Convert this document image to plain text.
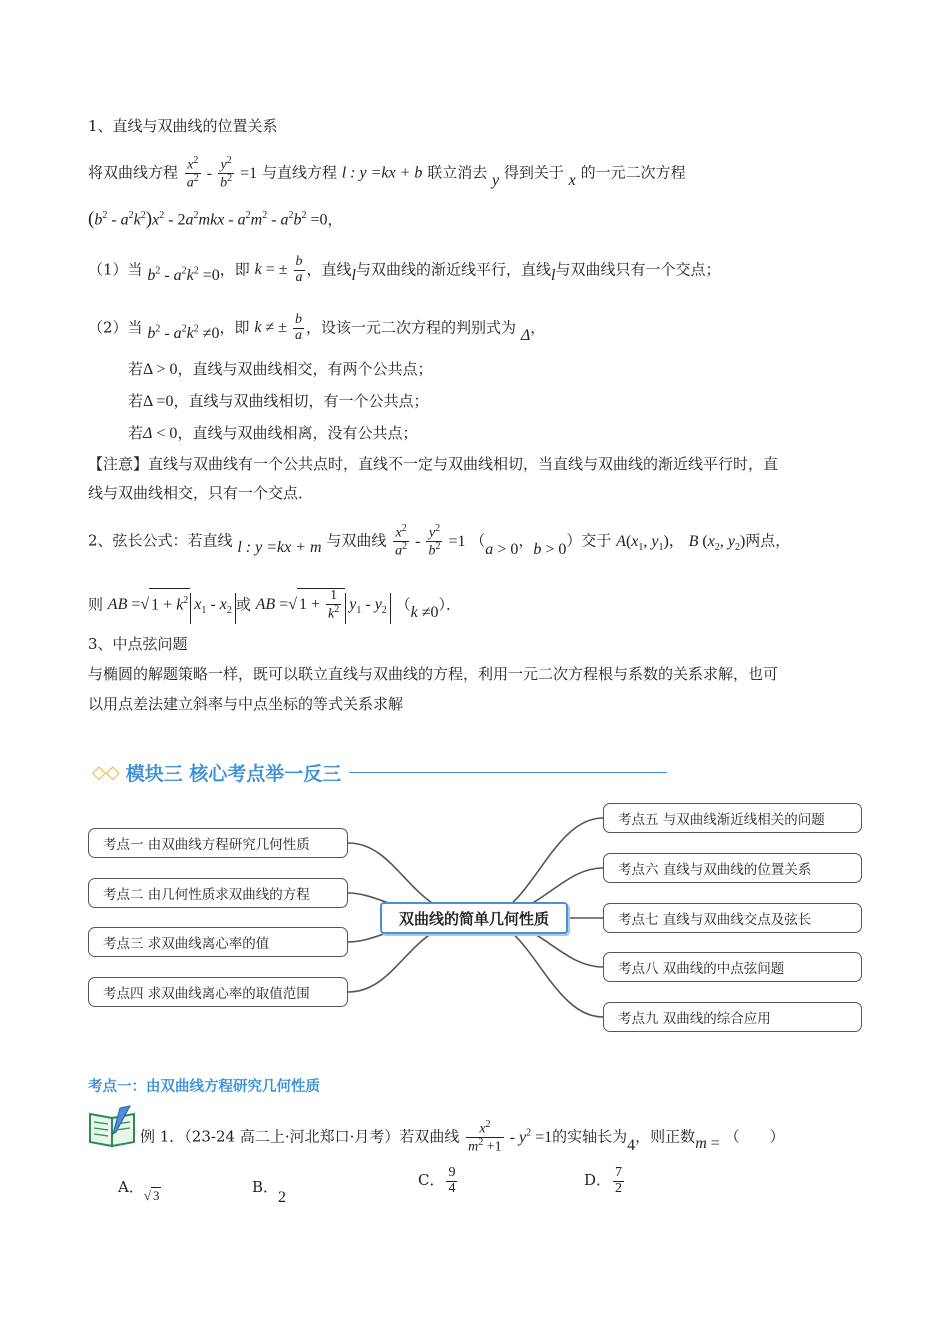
1、直线与双曲线的位置关系
将双曲线方程 $\frac{x^2}{a^2} - \frac{y^2}{b^2} =1$ 与直线方程 l : y =kx + b 联立消去 y 得到关于 x 的一元二次方程
$(b^2 - a^2k^2)x^2 - 2a^2mkx - a^2m^2 - a^2b^2 =0$，
（1）当 $b^2 - a^2k^2 =0$，即 k = ± $\frac{b}{a}$ ，直线l与双曲线的渐近线平行，直线l与双曲线只有一个交点；
（2）当 $b^2 - a^2k^2 \ne 0$，即 k ≠ ± $\frac{b}{a}$ ，设该一元二次方程的判别式为 Δ，
若Δ > 0，直线与双曲线相交，有两个公共点；
若Δ =0，直线与双曲线相切，有一个公共点；
若Δ < 0，直线与双曲线相离，没有公共点；
【注意】直线与双曲线有一个公共点时，直线不一定与双曲线相切，当直线与双曲线的渐近线平行时，直
线与双曲线相交，只有一个交点．
2、弦长公式：若直线 l : y =kx + m 与双曲线 $\frac{x^2}{a^2} - \frac{y^2}{b^2} =1$ （a > 0，b > 0）交于 $A(x_1$, $y_1$)， B ($x_2$, $y_2$)两点，
则 AB =√ $1 + k^2$ $x_1 - x_2$ 或 AB =√ $1 + \frac{1}{k^2} y_1 - y_2$ （k ≠0）．
3、中点弦问题
与椭圆的解题策略一样，既可以联立直线与双曲线的方程，利用一元二次方程根与系数的关系求解，也可
以用点差法建立斜率与中点坐标的等式关系求解
◇◇ 模块三 核心考点举一反三
考点一 由双曲线方程研究几何性质
考点二 由几何性质求双曲线的方程
考点三 求双曲线离心率的值
考点四 求双曲线离心率的取值范围
双曲线的简单几何性质
考点五 与双曲线渐近线相关的问题
考点六 直线与双曲线的位置关系
考点七 直线与双曲线交点及弦长
考点八 双曲线的中点弦问题
考点九 双曲线的综合应用
考点一：由双曲线方程研究几何性质
例 1．（23-24 高二上·河北郑口·月考）若双曲线 $\frac{x^2}{m^2 +1} - y^2 =1$的实轴长为4，则正数m = （　　）
A．√ 3	B．2
C． $\frac{9}{4}$	D． $\frac{7}{2}$
